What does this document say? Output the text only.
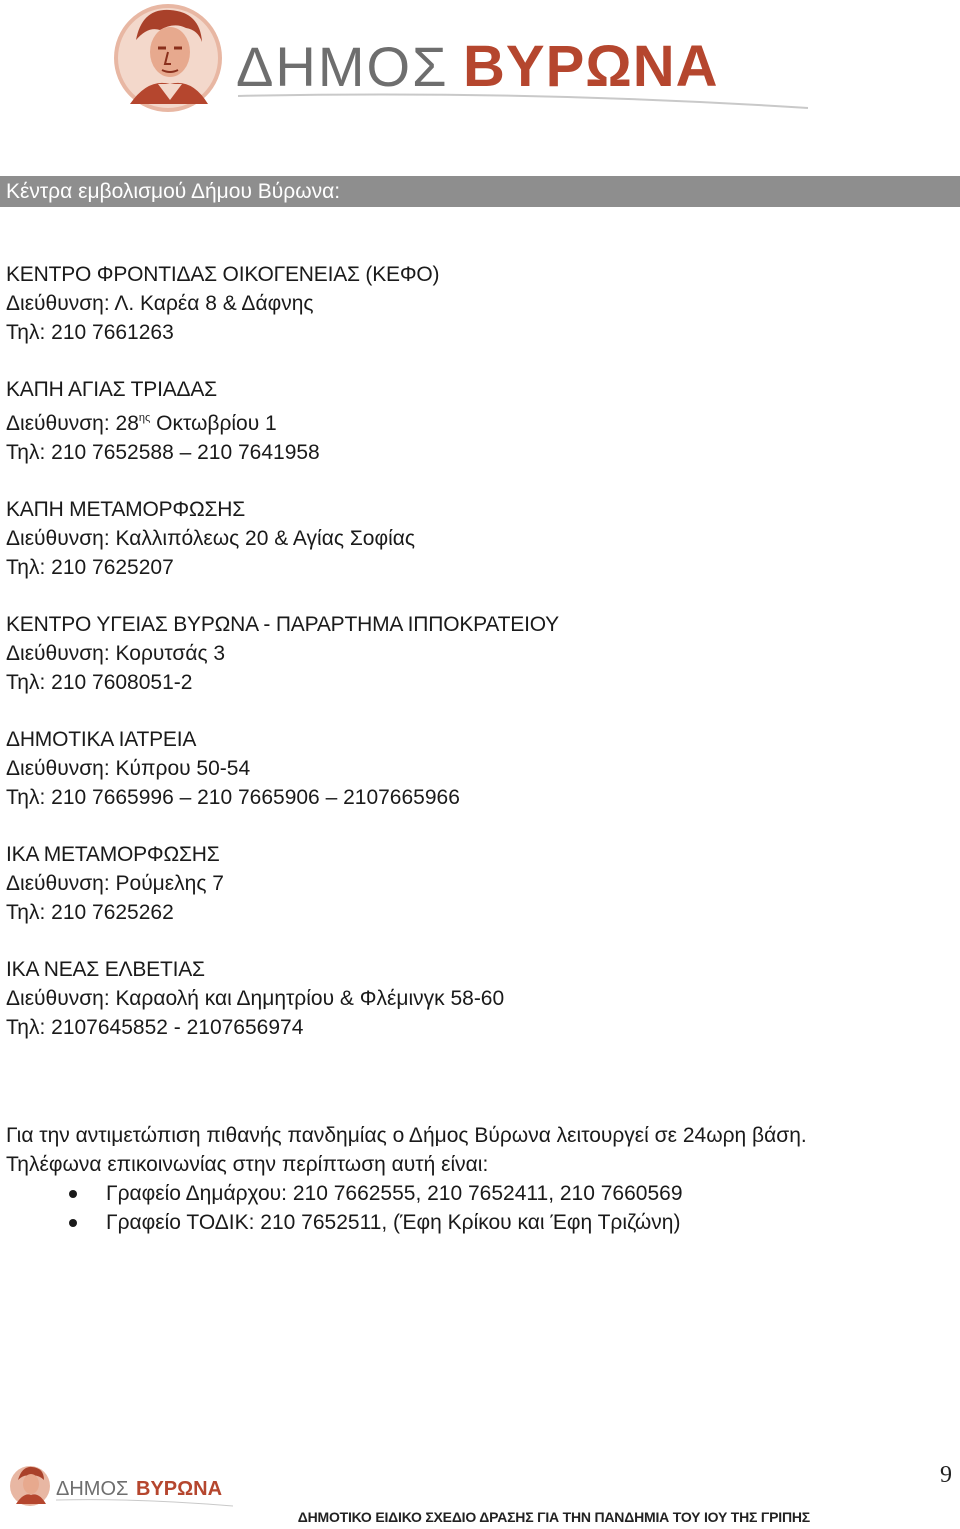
ΔΗΜΟΣ ΒΥΡΩΝΑ
Κέντρα εμβολισμού Δήμου Βύρωνα:
ΚΕΝΤΡΟ ΦΡΟΝΤΙΔΑΣ ΟΙΚΟΓΕΝΕΙΑΣ (ΚΕΦΟ)
Διεύθυνση: Λ. Καρέα 8 & Δάφνης
Τηλ: 210 7661263
ΚΑΠΗ ΑΓΙΑΣ ΤΡΙΑΔΑΣ
Διεύθυνση: $28^{\eta\varsigma}$ Οκτωβρίου 1
Τηλ: 210 7652588 – 210 7641958
ΚΑΠΗ ΜΕΤΑΜΟΡΦΩΣΗΣ
Διεύθυνση: Καλλιπόλεως 20 & Αγίας Σοφίας
Τηλ: 210 7625207
ΚΕΝΤΡΟ ΥΓΕΙΑΣ ΒΥΡΩΝΑ - ΠΑΡΑΡΤΗΜΑ ΙΠΠΟΚΡΑΤΕΙΟΥ
Διεύθυνση: Κορυτσάς 3
Τηλ: 210 7608051-2
ΔΗΜΟΤΙΚΑ ΙΑΤΡΕΙΑ
Διεύθυνση: Κύπρου 50-54
Τηλ: 210 7665996 – 210 7665906 – 2107665966
ΙΚΑ ΜΕΤΑΜΟΡΦΩΣΗΣ
Διεύθυνση: Ρούμελης 7
Τηλ: 210 7625262
ΙΚΑ ΝΕΑΣ ΕΛΒΕΤΙΑΣ
Διεύθυνση: Καραολή και Δημητρίου & Φλέμινγκ 58-60
Τηλ: 2107645852 - 2107656974

Για την αντιμετώπιση πιθανής πανδημίας ο Δήμος Βύρωνα λειτουργεί σε 24ωρη βάση.

Τηλέφωνα επικοινωνίας στην περίπτωση αυτή είναι:

Γραφείο Δημάρχου: 210 7662555, 210 7652411, 210 7660569
Γραφείο ΤΟΔΙΚ: 210 7652511, (Έφη Κρίκου και Έφη Τριζώνη)
ΔΗΜΟΣ ΒΥΡΩΝΑ
9
ΔΗΜΟΤΙΚΟ ΕΙΔΙΚΟ ΣΧΕΔΙΟ ΔΡΑΣΗΣ ΓΙΑ ΤΗΝ ΠΑΝΔΗΜΙΑ ΤΟΥ ΙΟΥ ΤΗΣ ΓΡΙΠΗΣ
